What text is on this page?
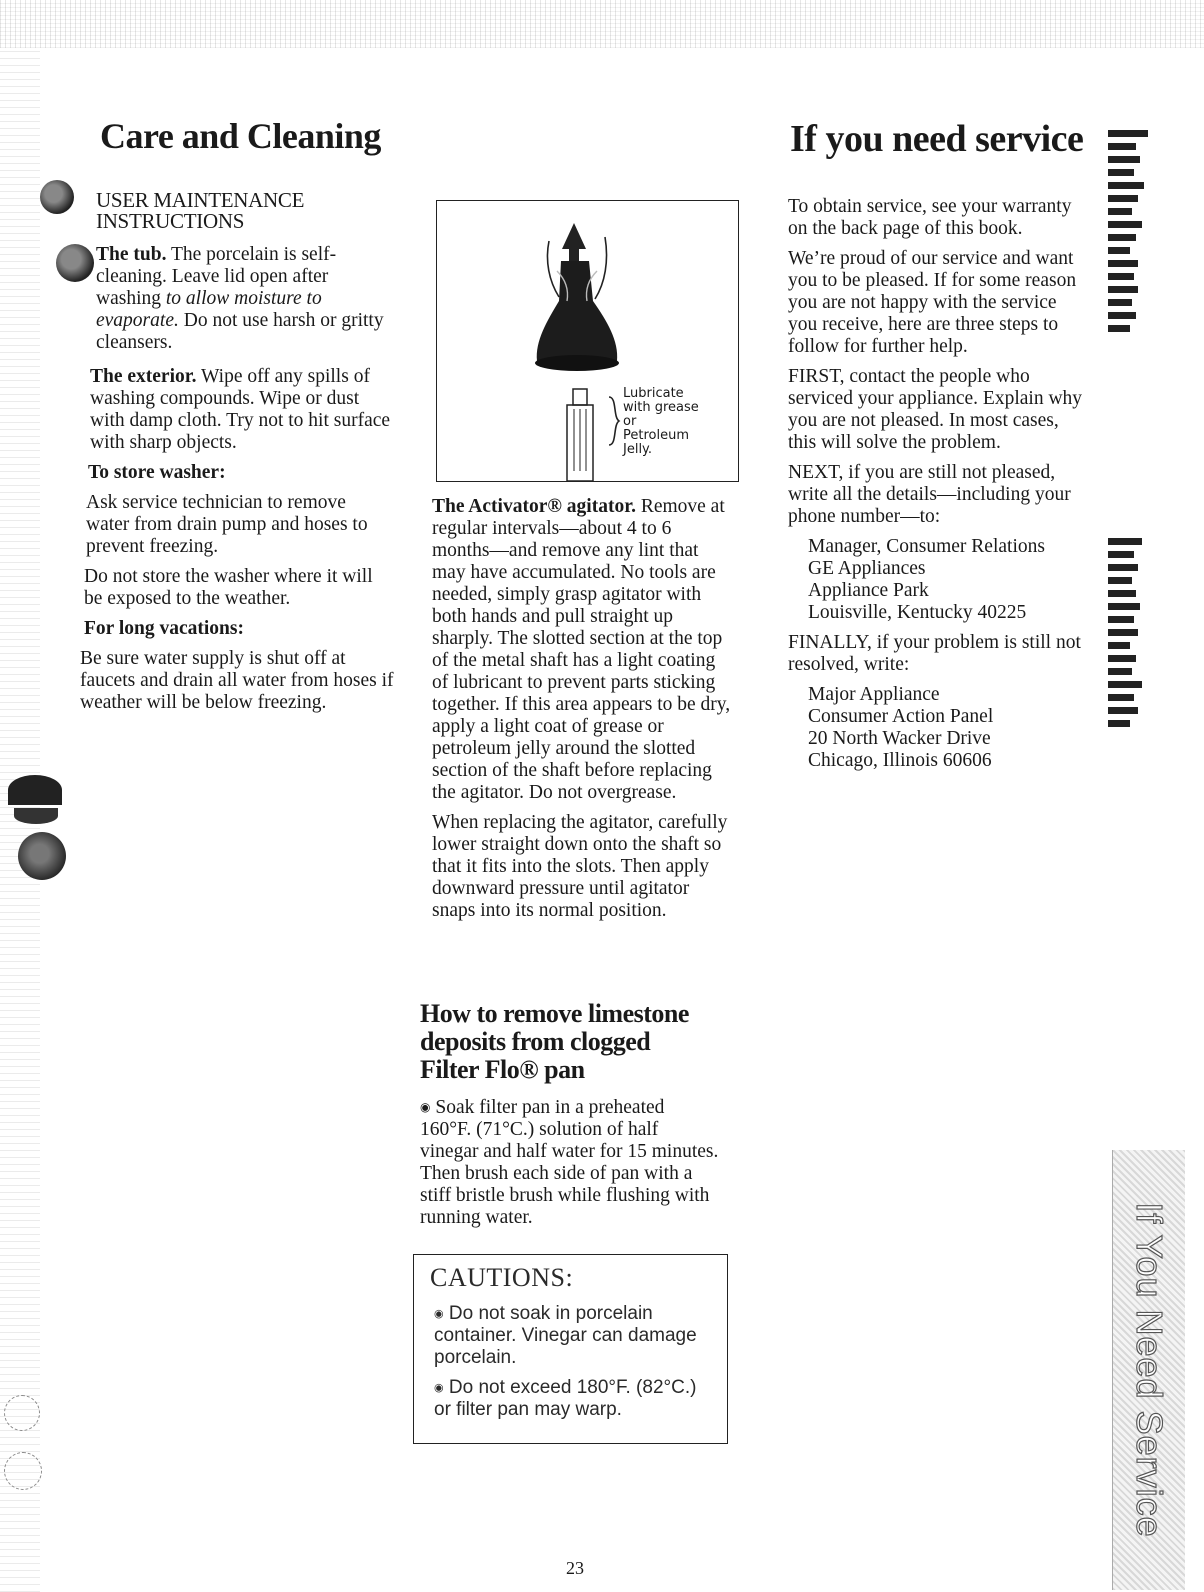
Care and Cleaning
USER MAINTENANCE
INSTRUCTIONS

The tub. The porcelain is self-cleaning. Leave lid open after washing to allow moisture to evaporate. Do not use harsh or gritty cleansers.

The exterior. Wipe off any spills of washing compounds. Wipe or dust with damp cloth. Try not to hit surface with sharp objects.

To store washer:

Ask service technician to remove water from drain pump and hoses to prevent freezing.

Do not store the washer where it will be exposed to the weather.

For long vacations:

Be sure water supply is shut off at faucets and drain all water from hoses if weather will be below freezing.

Lubricate
with grease
or
Petroleum
Jelly.

The Activator® agitator. Remove at regular intervals—about 4 to 6 months—and remove any lint that may have accumulated. No tools are needed, simply grasp agitator with both hands and pull straight up sharply. The slotted section at the top of the metal shaft has a light coating of lubricant to prevent parts sticking together. If this area appears to be dry, apply a light coat of grease or petroleum jelly around the slotted section of the shaft before replacing the agitator. Do not overgrease.

When replacing the agitator, carefully lower straight down onto the shaft so that it fits into the slots. Then apply downward pressure until agitator snaps into its normal position.

How to remove limestone
deposits from clogged
Filter Flo® pan

◉ Soak filter pan in a preheated 160°F. (71°C.) solution of half vinegar and half water for 15 minutes. Then brush each side of pan with a stiff bristle brush while flushing with running water.

CAUTIONS:

◉ Do not soak in porcelain container. Vinegar can damage porcelain.

◉ Do not exceed 180°F. (82°C.) or filter pan may warp.

If you need service

To obtain service, see your warranty on the back page of this book.

We’re proud of our service and want you to be pleased. If for some reason you are not happy with the service you receive, here are three steps to follow for further help.

FIRST, contact the people who serviced your appliance. Explain why you are not pleased. In most cases, this will solve the problem.

NEXT, if you are still not pleased, write all the details—including your phone number—to:

Manager, Consumer Relations
GE Appliances
Appliance Park
Louisville, Kentucky 40225

FINALLY, if your problem is still not resolved, write:

Major Appliance
Consumer Action Panel
20 North Wacker Drive
Chicago, Illinois 60606
If You Need Service
23
